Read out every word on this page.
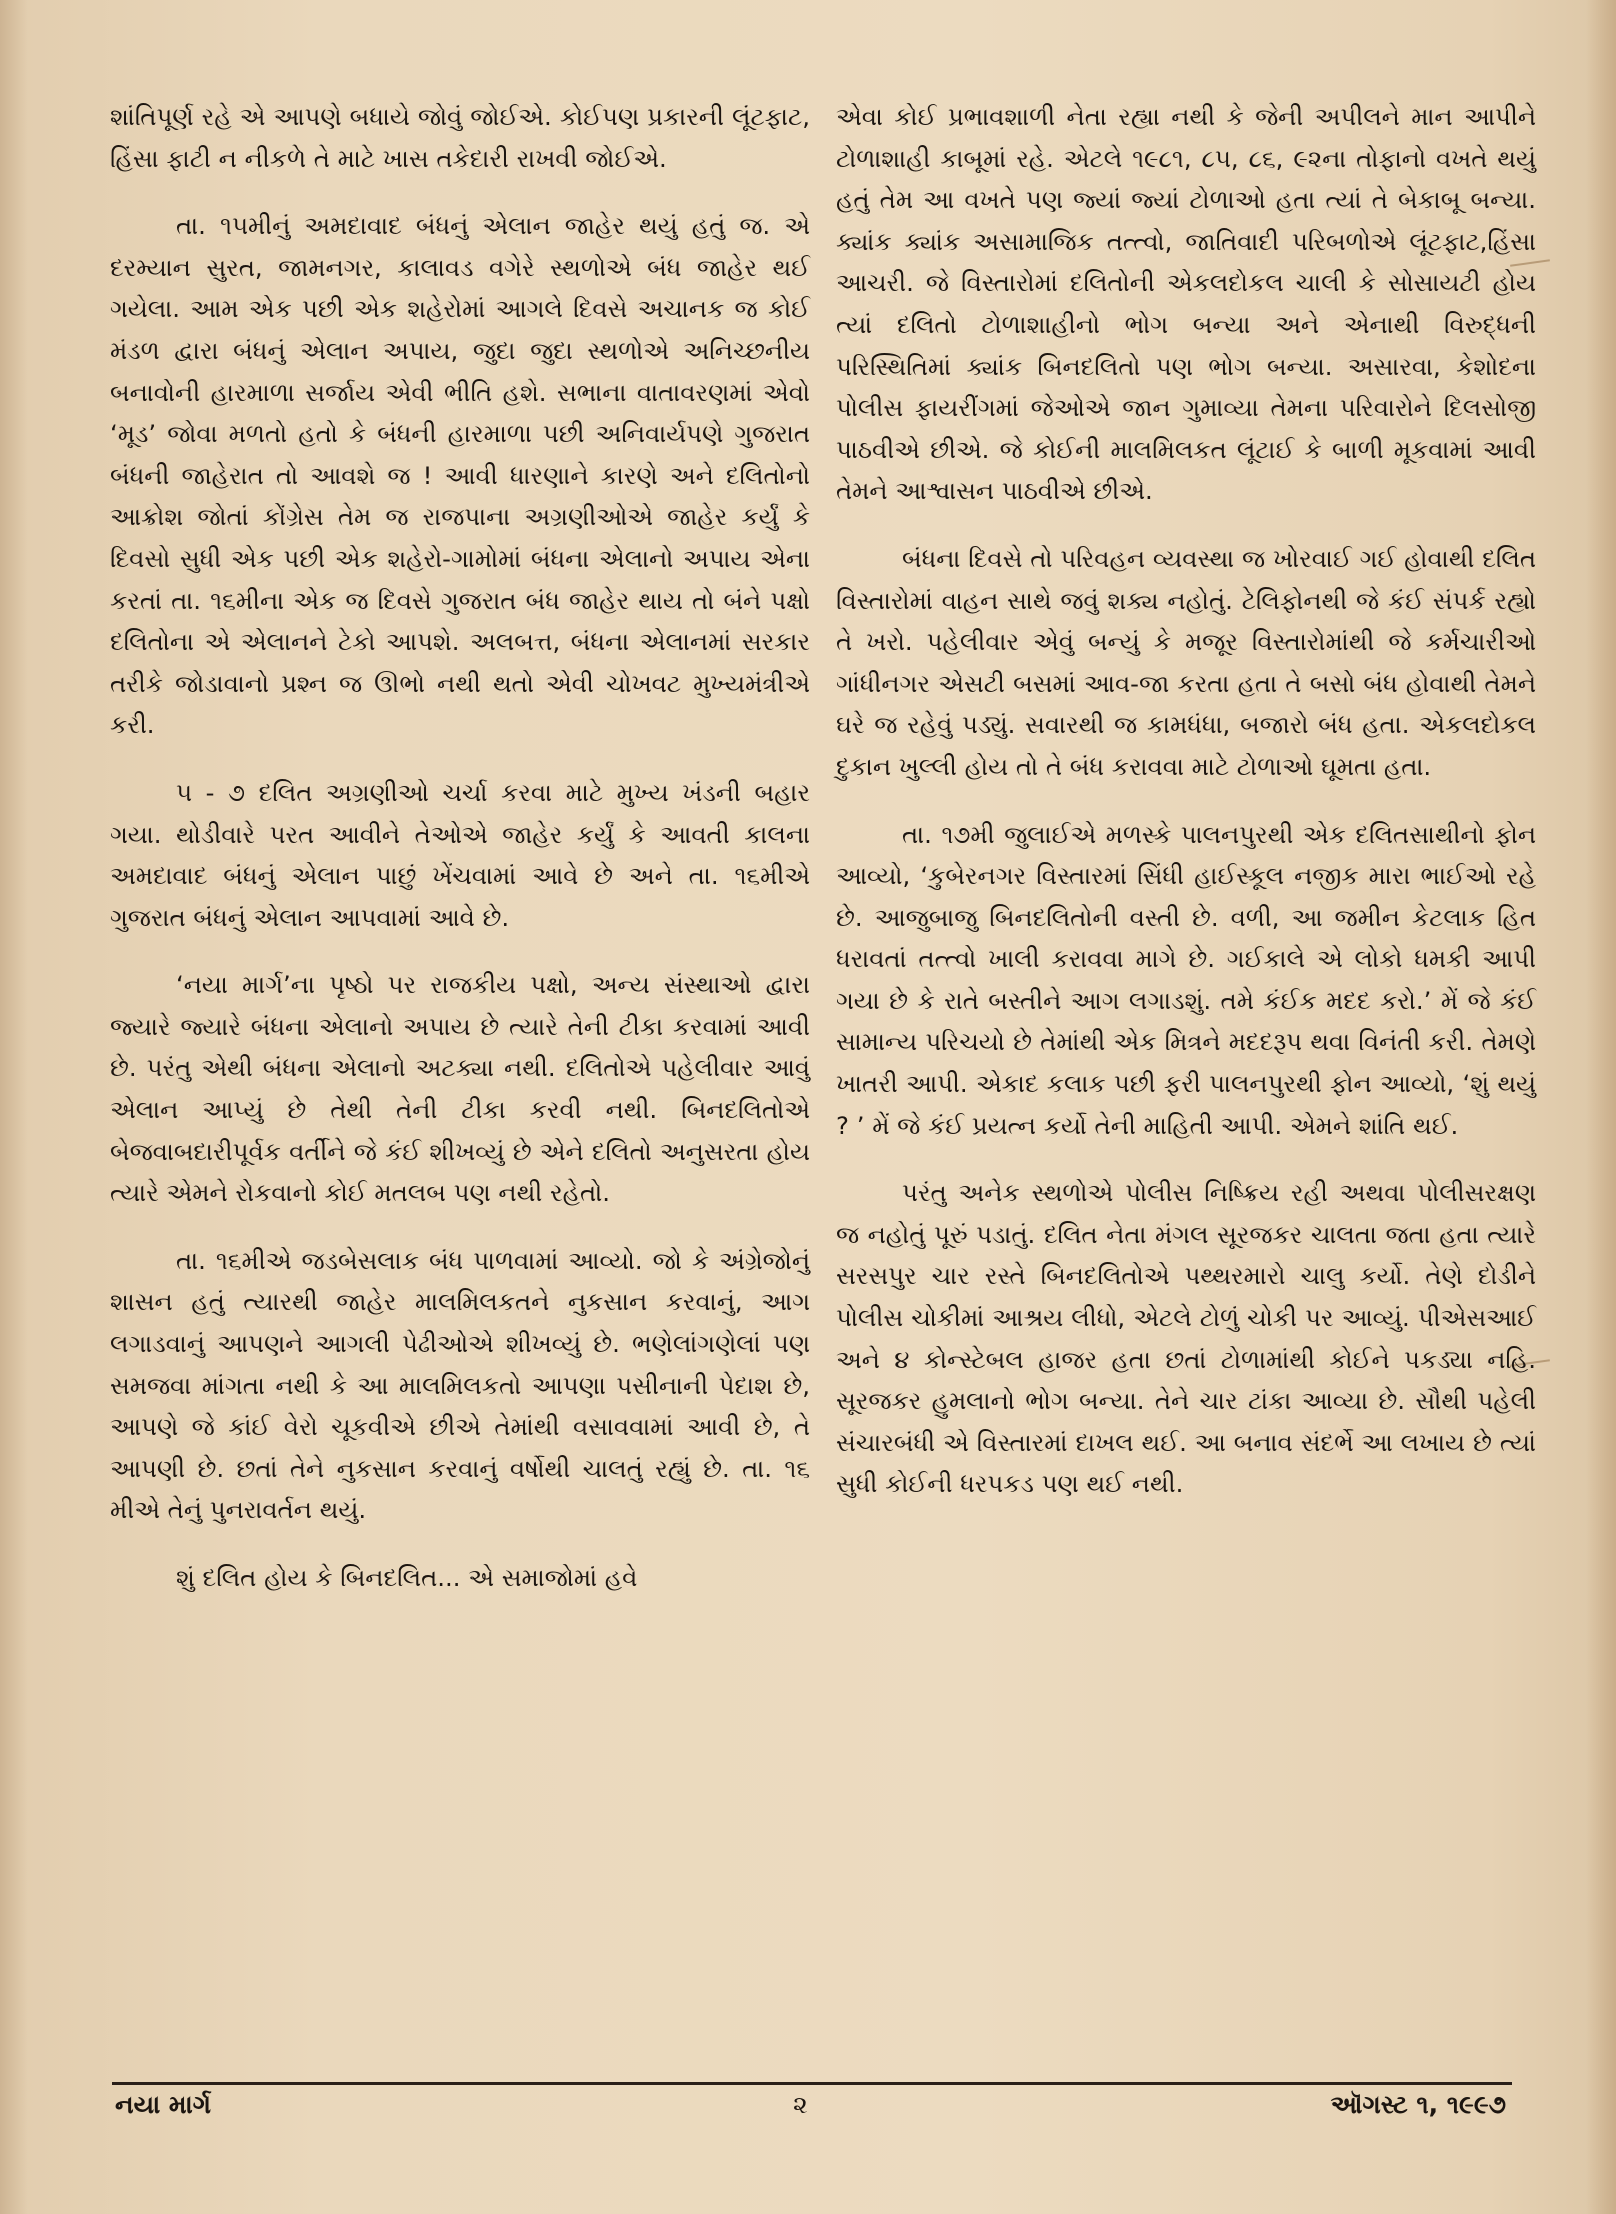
શાંતિપૂર્ણ રહે એ આપણે બધાયે જોવું જોઈએ. કોઈપણ પ્રકારની લૂંટફાટ, હિંસા ફાટી ન નીકળે તે માટે ખાસ તકેદારી રાખવી જોઈએ.

તા. ૧૫મીનું અમદાવાદ બંધનું એલાન જાહેર થયું હતું જ. એ દરમ્યાન સુરત, જામનગર, કાલાવડ વગેરે સ્થળોએ બંધ જાહેર થઈ ગયેલા. આમ એક પછી એક શહેરોમાં આગલે દિવસે અચાનક જ કોઈ મંડળ દ્વારા બંધનું એલાન અપાય, જુદા જુદા સ્થળોએ અનિચ્છનીય બનાવોની હારમાળા સર્જાય એવી ભીતિ હશે. સભાના વાતાવરણમાં એવો ‘મૂડ’ જોવા મળતો હતો કે બંધની હારમાળા પછી અનિવાર્યપણે ગુજરાત બંધની જાહેરાત તો આવશે જ ! આવી ધારણાને કારણે અને દલિતોનો આક્રોશ જોતાં કોંગ્રેસ તેમ જ રાજપાના અગ્રણીઓએ જાહેર કર્યું કે દિવસો સુધી એક પછી એક શહેરો-ગામોમાં બંધના એલાનો અપાય એના કરતાં તા. ૧૬મીના એક જ દિવસે ગુજરાત બંધ જાહેર થાય તો બંને પક્ષો દલિતોના એ એલાનને ટેકો આપશે. અલબત્ત, બંધના એલાનમાં સરકાર તરીકે જોડાવાનો પ્રશ્ન જ ઊભો નથી થતો એવી ચોખવટ મુખ્યમંત્રીએ કરી.

૫ - ૭ દલિત અગ્રણીઓ ચર્ચા કરવા માટે મુખ્ય ખંડની બહાર ગયા. થોડીવારે પરત આવીને તેઓએ જાહેર કર્યું કે આવતી કાલના અમદાવાદ બંધનું એલાન પાછું ખેંચવામાં આવે છે અને તા. ૧૬મીએ ગુજરાત બંધનું એલાન આપવામાં આવે છે.

‘નયા માર્ગ’ના પૃષ્ઠો પર રાજકીય પક્ષો, અન્ય સંસ્થાઓ દ્વારા જ્યારે જ્યારે બંધના એલાનો અપાય છે ત્યારે તેની ટીકા કરવામાં આવી છે. પરંતુ એથી બંધના એલાનો અટક્યા નથી. દલિતોએ પહેલીવાર આવું એલાન આપ્યું છે તેથી તેની ટીકા કરવી નથી. બિનદલિતોએ બેજવાબદારીપૂર્વક વર્તીને જે કંઈ શીખવ્યું છે એને દલિતો અનુસરતા હોય ત્યારે એમને રોકવાનો કોઈ મતલબ પણ નથી રહેતો.

તા. ૧૬મીએ જડબેસલાક બંધ પાળવામાં આવ્યો. જો કે અંગ્રેજોનું શાસન હતું ત્યારથી જાહેર માલમિલકતને નુકસાન કરવાનું, આગ લગાડવાનું આપણને આગલી પેઢીઓએ શીખવ્યું છે. ભણેલાંગણેલાં પણ સમજવા માંગતા નથી કે આ માલમિલકતો આપણા પસીનાની પેદાશ છે, આપણે જે કાંઈ વેરો ચૂકવીએ છીએ તેમાંથી વસાવવામાં આવી છે, તે આપણી છે. છતાં તેને નુકસાન કરવાનું વર્ષોથી ચાલતું રહ્યું છે. તા. ૧૬ મીએ તેનું પુનરાવર્તન થયું.

શું દલિત હોય કે બિનદલિત... એ સમાજોમાં હવે

એવા કોઈ પ્રભાવશાળી નેતા રહ્યા નથી કે જેની અપીલને માન આપીને ટોળાશાહી કાબૂમાં રહે. એટલે ૧૯૮૧, ૮૫, ૮૬, ૯૨ના તોફાનો વખતે થયું હતું તેમ આ વખતે પણ જ્યાં જ્યાં ટોળાઓ હતા ત્યાં તે બેકાબૂ બન્યા. ક્યાંક ક્યાંક અસામાજિક તત્ત્વો, જાતિવાદી પરિબળોએ લૂંટફાટ,હિંસા આચરી. જે વિસ્તારોમાં દલિતોની એકલદોકલ ચાલી કે સોસાયટી હોય ત્યાં દલિતો ટોળાશાહીનો ભોગ બન્યા અને એનાથી વિરુદ્ધની પરિસ્થિતિમાં ક્યાંક બિનદલિતો પણ ભોગ બન્યા. અસારવા, કેશોદના પોલીસ ફાયરીંગમાં જેઓએ જાન ગુમાવ્યા તેમના પરિવારોને દિલસોજી પાઠવીએ છીએ. જે કોઈની માલમિલકત લૂંટાઈ કે બાળી મૂકવામાં આવી તેમને આશ્વાસન પાઠવીએ છીએ.

બંધના દિવસે તો પરિવહન વ્યવસ્થા જ ખોરવાઈ ગઈ હોવાથી દલિત વિસ્તારોમાં વાહન સાથે જવું શક્ય નહોતું. ટેલિફોનથી જે કંઈ સંપર્ક રહ્યો તે ખરો. પહેલીવાર એવું બન્યું કે મજૂર વિસ્તારોમાંથી જે કર્મચારીઓ ગાંધીનગર એસટી બસમાં આવ-જા કરતા હતા તે બસો બંધ હોવાથી તેમને ઘરે જ રહેવું પડ્યું. સવારથી જ કામધંધા, બજારો બંધ હતા. એકલદોકલ દુકાન ખુલ્લી હોય તો તે બંધ કરાવવા માટે ટોળાઓ ઘૂમતા હતા.

તા. ૧૭મી જુલાઈએ મળસ્કે પાલનપુરથી એક દલિતસાથીનો ફોન આવ્યો, ‘કુબેરનગર વિસ્તારમાં સિંધી હાઈસ્કૂલ નજીક મારા ભાઈઓ રહે છે. આજુબાજુ બિનદલિતોની વસ્તી છે. વળી, આ જમીન કેટલાક હિત ધરાવતાં તત્ત્વો ખાલી કરાવવા માગે છે. ગઈકાલે એ લોકો ધમકી આપી ગયા છે કે રાતે બસ્તીને આગ લગાડશું. તમે કંઈક મદદ કરો.’ મેં જે કંઈ સામાન્ય પરિચયો છે તેમાંથી એક મિત્રને મદદરૂપ થવા વિનંતી કરી. તેમણે ખાતરી આપી. એકાદ કલાક પછી ફરી પાલનપુરથી ફોન આવ્યો, ‘શું થયું ? ’ મેં જે કંઈ પ્રયત્ન કર્યો તેની માહિતી આપી. એમને શાંતિ થઈ.

પરંતુ અનેક સ્થળોએ પોલીસ નિષ્ક્રિય રહી અથવા પોલીસરક્ષણ જ નહોતું પૂરું પડાતું. દલિત નેતા મંગલ સૂરજકર ચાલતા જતા હતા ત્યારે સરસપુર ચાર રસ્તે બિનદલિતોએ પથ્થરમારો ચાલુ કર્યો. તેણે દોડીને પોલીસ ચોકીમાં આશ્રય લીધો, એટલે ટોળું ચોકી પર આવ્યું. પીએસઆઈ અને ૪ કોન્સ્ટેબલ હાજર હતા છતાં ટોળામાંથી કોઈને પકડ્યા નહિ. સૂરજકર હુમલાનો ભોગ બન્યા. તેને ચાર ટાંકા આવ્યા છે. સૌથી પહેલી સંચારબંધી એ વિસ્તારમાં દાખલ થઈ. આ બનાવ સંદર્ભે આ લખાય છે ત્યાં સુધી કોઈની ધરપકડ પણ થઈ નથી.

નયા માર્ગ	૨	ઑગસ્ટ ૧, ૧૯૯૭
